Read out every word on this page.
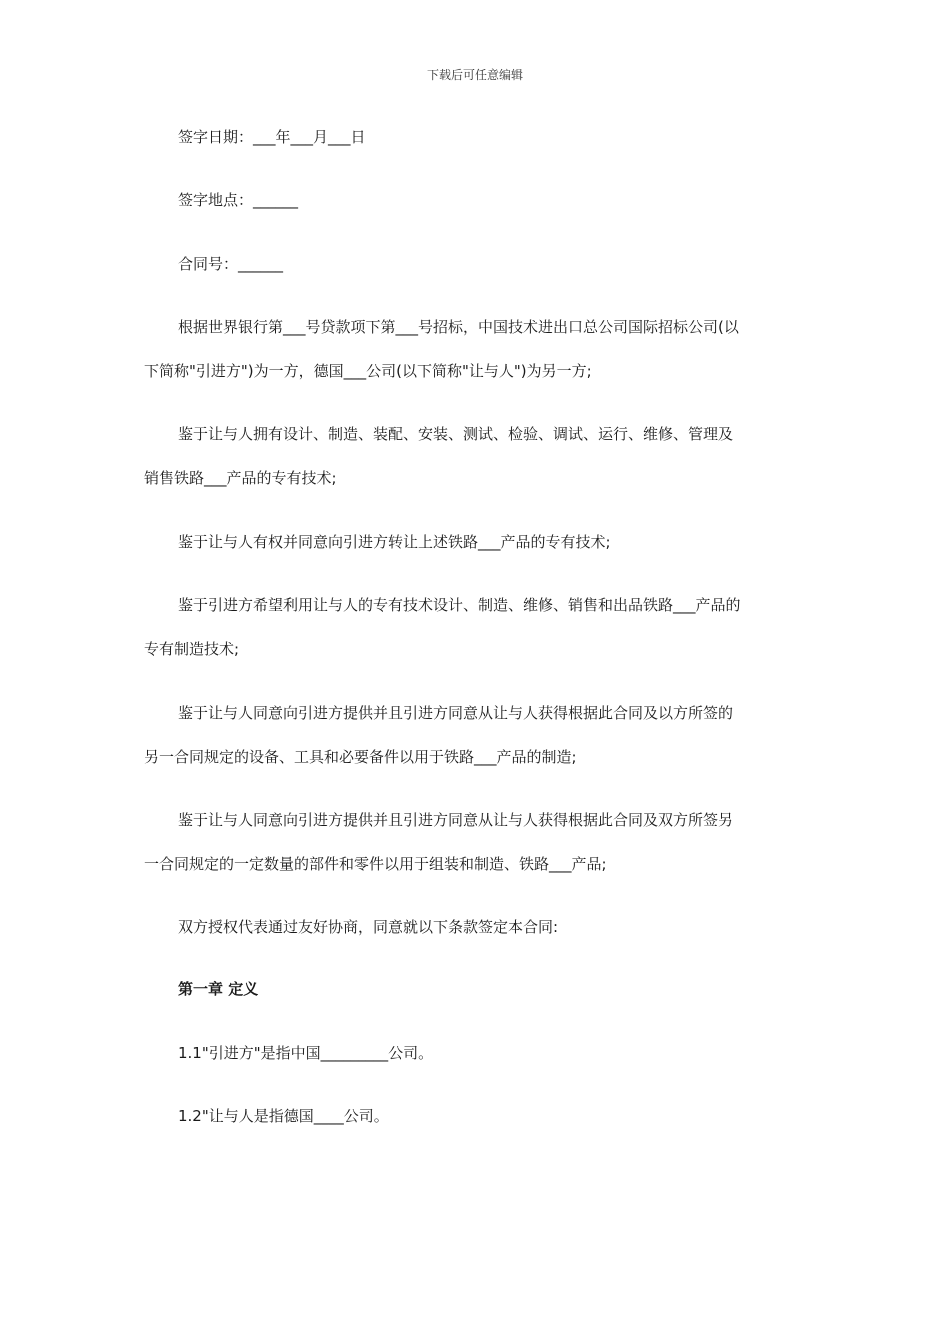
下载后可任意编辑
签字日期：___年___月___日
签字地点：______
合同号：______
根据世界银行第___号贷款项下第___号招标，中国技术进出口总公司国际招标公司(以
下简称"引进方")为一方，德国___公司(以下简称"让与人")为另一方;
鉴于让与人拥有设计、制造、装配、安装、测试、检验、调试、运行、维修、管理及
销售铁路___产品的专有技术;
鉴于让与人有权并同意向引进方转让上述铁路___产品的专有技术;
鉴于引进方希望利用让与人的专有技术设计、制造、维修、销售和出品铁路___产品的
专有制造技术;
鉴于让与人同意向引进方提供并且引进方同意从让与人获得根据此合同及以方所签的
另一合同规定的设备、工具和必要备件以用于铁路___产品的制造;
鉴于让与人同意向引进方提供并且引进方同意从让与人获得根据此合同及双方所签另
一合同规定的一定数量的部件和零件以用于组装和制造、铁路___产品;
双方授权代表通过友好协商，同意就以下条款签定本合同:
第一章 定义
1.1"引进方"是指中国_________公司。
1.2"让与人是指德国____公司。
